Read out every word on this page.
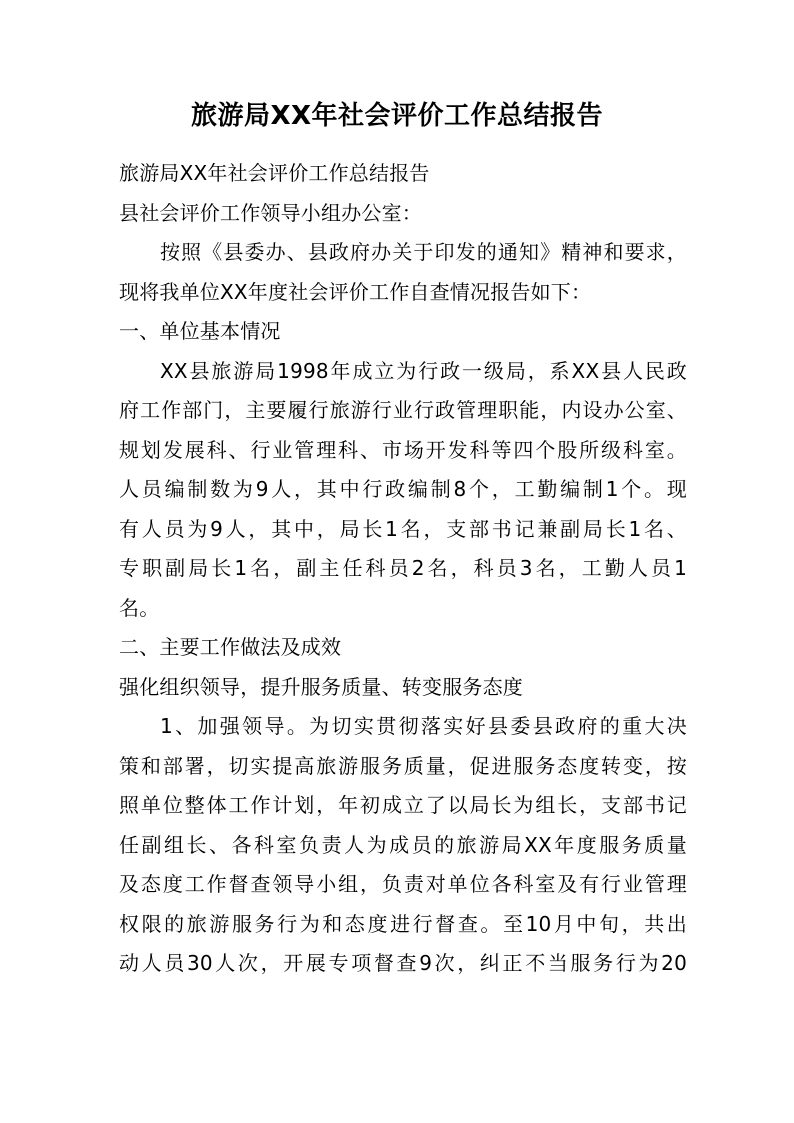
旅游局XX年社会评价工作总结报告
旅游局XX年社会评价工作总结报告
县社会评价工作领导小组办公室：
按照《县委办、县政府办关于印发的通知》精神和要求，
现将我单位XX年度社会评价工作自查情况报告如下：
一、单位基本情况
XX县旅游局1998年成立为行政一级局，系XX县人民政
府工作部门，主要履行旅游行业行政管理职能，内设办公室、
规划发展科、行业管理科、市场开发科等四个股所级科室。
人员编制数为9人，其中行政编制8个，工勤编制1个。现
有人员为9人，其中，局长1名，支部书记兼副局长1名、
专职副局长1名，副主任科员2名，科员3名，工勤人员1
名。
二、主要工作做法及成效
强化组织领导，提升服务质量、转变服务态度
1、加强领导。为切实贯彻落实好县委县政府的重大决
策和部署，切实提高旅游服务质量，促进服务态度转变，按
照单位整体工作计划，年初成立了以局长为组长，支部书记
任副组长、各科室负责人为成员的旅游局XX年度服务质量
及态度工作督查领导小组，负责对单位各科室及有行业管理
权限的旅游服务行为和态度进行督查。至10月中旬，共出
动人员30人次，开展专项督查9次，纠正不当服务行为20
